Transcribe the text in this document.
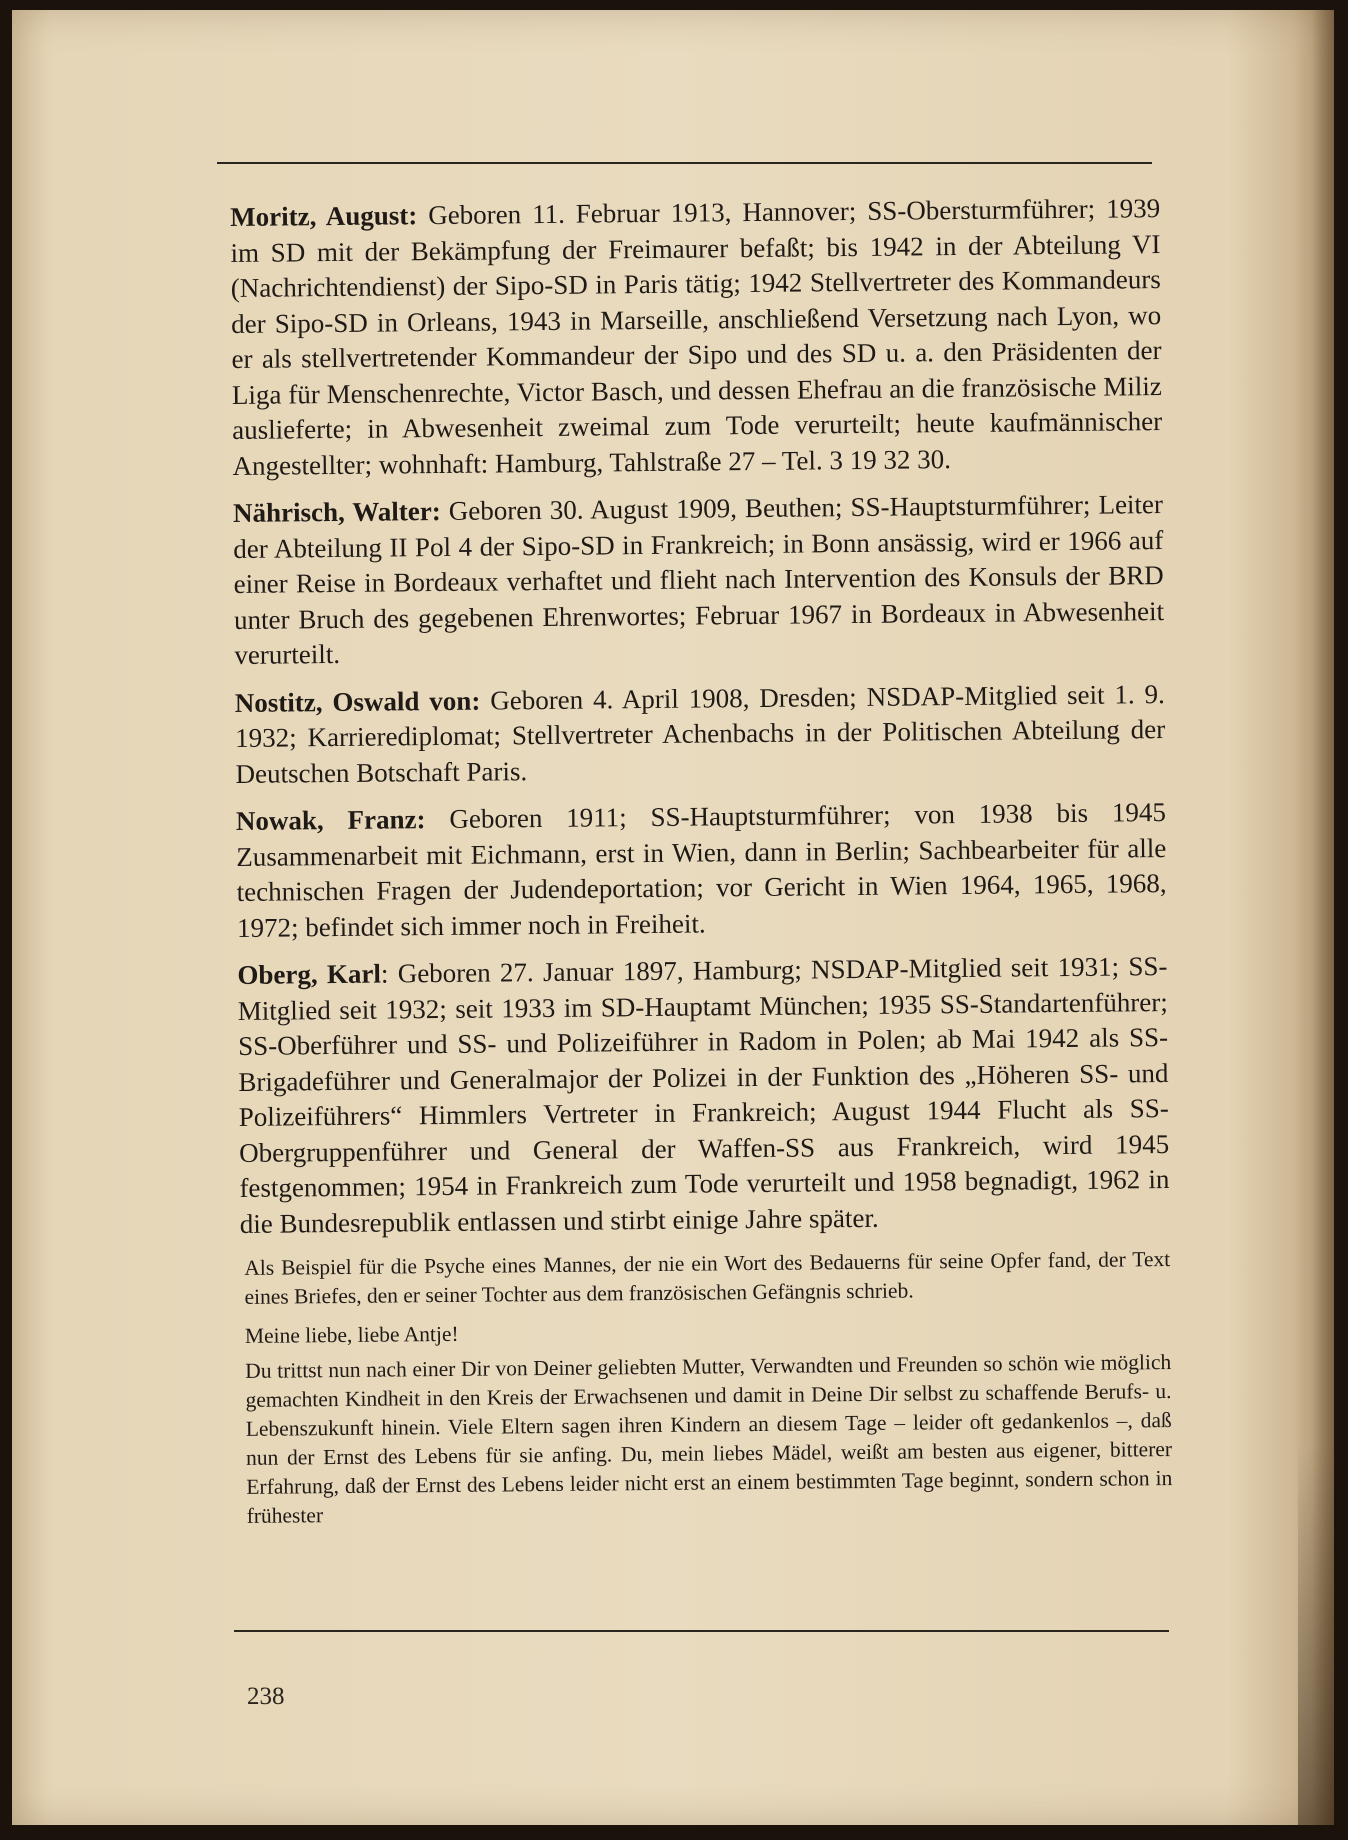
Moritz, August: Geboren 11. Februar 1913, Hannover; SS-Obersturmführer; 1939 im SD mit der Bekämpfung der Freimaurer befaßt; bis 1942 in der Abteilung VI (Nachrichtendienst) der Sipo-SD in Paris tätig; 1942 Stellvertreter des Kommandeurs der Sipo-SD in Orleans, 1943 in Marseille, anschließend Versetzung nach Lyon, wo er als stellvertretender Kommandeur der Sipo und des SD u. a. den Präsidenten der Liga für Menschenrechte, Victor Basch, und dessen Ehefrau an die französische Miliz auslieferte; in Abwesenheit zweimal zum Tode verurteilt; heute kaufmännischer Angestellter; wohnhaft: Hamburg, Tahlstraße 27 – Tel. 3 19 32 30.

Nährisch, Walter: Geboren 30. August 1909, Beuthen; SS-Hauptsturmführer; Leiter der Abteilung II Pol 4 der Sipo-SD in Frankreich; in Bonn ansässig, wird er 1966 auf einer Reise in Bordeaux verhaftet und flieht nach Intervention des Konsuls der BRD unter Bruch des gegebenen Ehrenwortes; Februar 1967 in Bordeaux in Abwesenheit verurteilt.

Nostitz, Oswald von: Geboren 4. April 1908, Dresden; NSDAP-Mitglied seit 1. 9. 1932; Karrierediplomat; Stellvertreter Achenbachs in der Politischen Abteilung der Deutschen Botschaft Paris.

Nowak, Franz: Geboren 1911; SS-Hauptsturmführer; von 1938 bis 1945 Zusammenarbeit mit Eichmann, erst in Wien, dann in Berlin; Sachbearbeiter für alle technischen Fragen der Judendeportation; vor Gericht in Wien 1964, 1965, 1968, 1972; befindet sich immer noch in Freiheit.

Oberg, Karl: Geboren 27. Januar 1897, Hamburg; NSDAP-Mitglied seit 1931; SS-Mitglied seit 1932; seit 1933 im SD-Hauptamt München; 1935 SS-Standartenführer; SS-Oberführer und SS- und Polizeiführer in Radom in Polen; ab Mai 1942 als SS-Brigadeführer und Generalmajor der Polizei in der Funktion des „Höheren SS- und Polizeiführers“ Himmlers Vertreter in Frankreich; August 1944 Flucht als SS-Obergruppenführer und General der Waffen-SS aus Frankreich, wird 1945 festgenommen; 1954 in Frankreich zum Tode verurteilt und 1958 begnadigt, 1962 in die Bundesrepublik entlassen und stirbt einige Jahre später.

Als Beispiel für die Psyche eines Mannes, der nie ein Wort des Bedauerns für seine Opfer fand, der Text eines Briefes, den er seiner Tochter aus dem französischen Gefängnis schrieb.

Meine liebe, liebe Antje!

Du trittst nun nach einer Dir von Deiner geliebten Mutter, Verwandten und Freunden so schön wie möglich gemachten Kindheit in den Kreis der Erwachsenen und damit in Deine Dir selbst zu schaffende Berufs- u. Lebenszukunft hinein. Viele Eltern sagen ihren Kindern an diesem Tage – leider oft gedankenlos –, daß nun der Ernst des Lebens für sie anfing. Du, mein liebes Mädel, weißt am besten aus eigener, bitterer Erfahrung, daß der Ernst des Lebens leider nicht erst an einem bestimmten Tage beginnt, sondern schon in frühester

238
